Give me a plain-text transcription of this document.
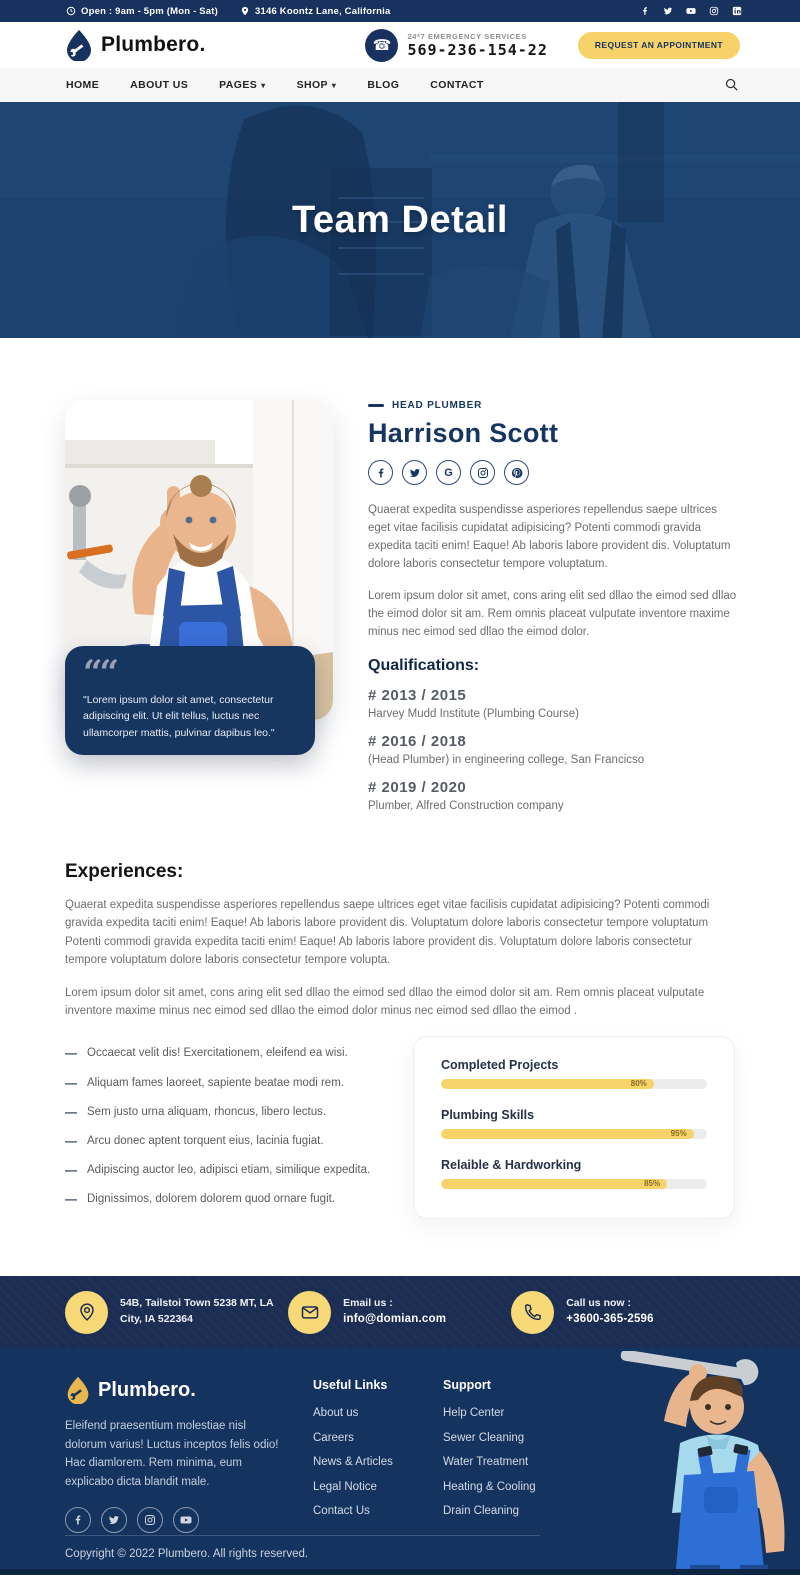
Open : 9am - 5pm (Mon - Sat)	3146 Koontz Lane, California
Plumbero.	☎
24*7 EMERGENCY SERVICES
569-236-154-22	REQUEST AN APPOINTMENT
HOME	ABOUT US	PAGES ▾	SHOP ▾	BLOG	CONTACT
Team Detail
““
"Lorem ipsum dolor sit amet, consectetur adipiscing elit. Ut elit tellus, luctus nec ullamcorper mattis, pulvinar dapibus leo."
HEAD PLUMBER
Harrison Scott
G

Quaerat expedita suspendisse asperiores repellendus saepe ultrices eget vitae facilisis cupidatat adipisicing? Potenti commodi gravida expedita taciti enim! Eaque! Ab laboris labore provident dis. Voluptatum dolore laboris consectetur tempore voluptatum.

Lorem ipsum dolor sit amet, cons aring elit sed dllao the eimod sed dllao the eimod dolor sit am. Rem omnis placeat vulputate inventore maxime minus nec eimod sed dllao the eimod dolor.

Qualifications:
# 2013 / 2015
Harvey Mudd Institute (Plumbing Course)
# 2016 / 2018
(Head Plumber) in engineering college, San Francicso
# 2019 / 2020
Plumber, Alfred Construction company
Experiences:

Quaerat expedita suspendisse asperiores repellendus saepe ultrices eget vitae facilisis cupidatat adipisicing? Potenti commodi gravida expedita taciti enim! Eaque! Ab laboris labore provident dis. Voluptatum dolore laboris consectetur tempore voluptatum Potenti commodi gravida expedita taciti enim! Eaque! Ab laboris labore provident dis. Voluptatum dolore laboris consectetur tempore voluptatum dolore laboris consectetur tempore volupta.

Lorem ipsum dolor sit amet, cons aring elit sed dllao the eimod sed dllao the eimod dolor sit am. Rem omnis placeat vulputate inventore maxime minus nec eimod sed dllao the eimod dolor minus nec eimod sed dllao the eimod .

— Occaecat velit dis! Exercitationem, eleifend ea wisi.
— Aliquam fames laoreet, sapiente beatae modi rem.
— Sem justo urna aliquam, rhoncus, libero lectus.
— Arcu donec aptent torquent eius, lacinia fugiat.
— Adipiscing auctor leo, adipisci etiam, similique expedita.
— Dignissimos, dolorem dolorem quod ornare fugit.
Completed Projects
80%
Plumbing Skills
95%
Relaible & Hardworking
85%
54B, Tailstoi Town 5238 MT, LA
City, IA 522364
Email us :
info@domian.com
Call us now :
+3600-365-2596
Plumbero.

Eleifend praesentium molestiae nisl dolorum varius! Luctus inceptos felis odio! Hac diamlorem. Rem minima, eum explicabo dicta blandit male.

Useful Links
About us
Careers
News & Articles
Legal Notice
Contact Us
Support
Help Center
Sewer Cleaning
Water Treatment
Heating & Cooling
Drain Cleaning
Copyright © 2022 Plumbero. All rights reserved.
